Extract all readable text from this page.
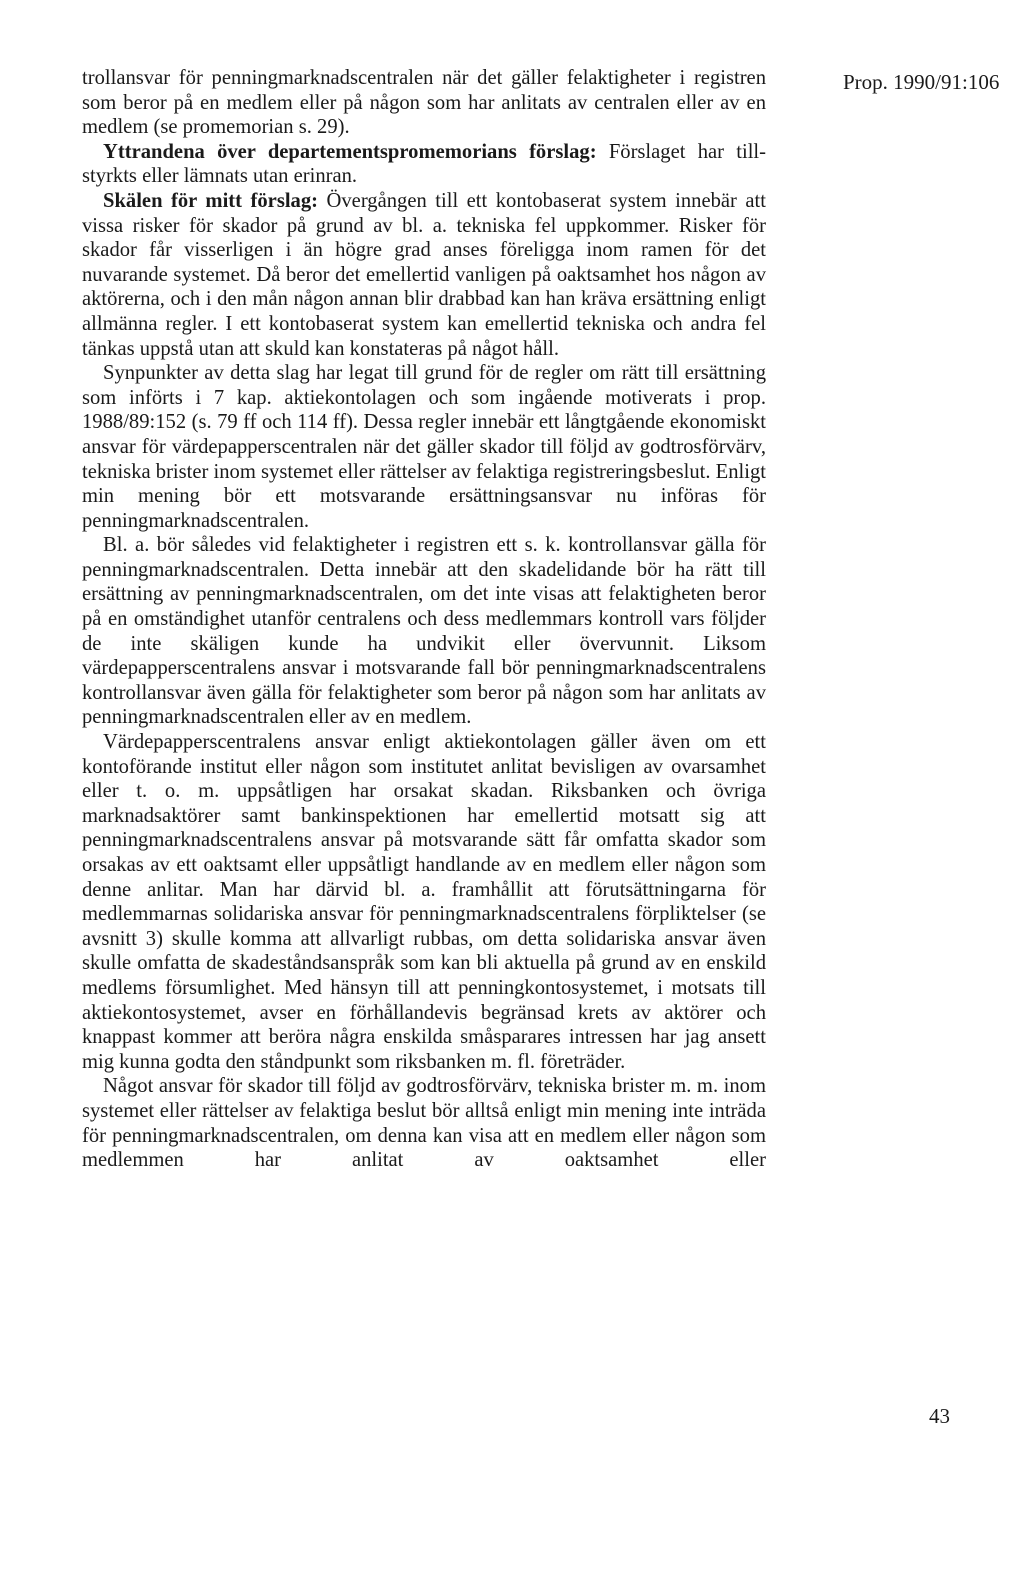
Prop. 1990/91:106

trollansvar för penningmarknadscentralen när det gäller felaktigheter i registren som beror på en medlem eller på någon som har anlitats av centralen eller av en medlem (se promemorian s. 29).

Yttrandena över departementspromemorians förslag: Förslaget har tillstyrkts eller lämnats utan erinran.

Skälen för mitt förslag: Övergången till ett kontobaserat system innebär att vissa risker för skador på grund av bl. a. tekniska fel uppkommer. Risker för skador får visserligen i än högre grad anses föreligga inom ramen för det nuvarande systemet. Då beror det emellertid vanligen på oaktsamhet hos någon av aktörerna, och i den mån någon annan blir drabbad kan han kräva ersättning enligt allmänna regler. I ett kontobaserat system kan emellertid tekniska och andra fel tänkas uppstå utan att skuld kan konstateras på något håll.

Synpunkter av detta slag har legat till grund för de regler om rätt till ersättning som införts i 7 kap. aktiekontolagen och som ingående motiverats i prop. 1988/89:152 (s. 79 ff och 114 ff). Dessa regler innebär ett långtgående ekonomiskt ansvar för värdepapperscentralen när det gäller skador till följd av godtrosförvärv, tekniska brister inom systemet eller rättelser av felaktiga registreringsbeslut. Enligt min mening bör ett motsvarande ersättningsansvar nu införas för penningmarknadscentralen.

Bl. a. bör således vid felaktigheter i registren ett s. k. kontrollansvar gälla för penningmarknadscentralen. Detta innebär att den skadelidande bör ha rätt till ersättning av penningmarknadscentralen, om det inte visas att felaktigheten beror på en omständighet utanför centralens och dess medlemmars kontroll vars följder de inte skäligen kunde ha undvikit eller övervunnit. Liksom värdepapperscentralens ansvar i motsvarande fall bör penningmarknadscentralens kontrollansvar även gälla för felaktigheter som beror på någon som har anlitats av penningmarknadscentralen eller av en medlem.

Värdepapperscentralens ansvar enligt aktiekontolagen gäller även om ett kontoförande institut eller någon som institutet anlitat bevisligen av ovarsamhet eller t. o. m. uppsåtligen har orsakat skadan. Riksbanken och övriga marknadsaktörer samt bankinspektionen har emellertid motsatt sig att penningmarknadscentralens ansvar på motsvarande sätt får omfatta skador som orsakas av ett oaktsamt eller uppsåtligt handlande av en medlem eller någon som denne anlitar. Man har därvid bl. a. framhållit att förutsättningarna för medlemmarnas solidariska ansvar för penningmarknadscentralens förpliktelser (se avsnitt 3) skulle komma att allvarligt rubbas, om detta solidariska ansvar även skulle omfatta de skadeståndsanspråk som kan bli aktuella på grund av en enskild medlems försumlighet. Med hänsyn till att penningkontosystemet, i motsats till aktiekontosystemet, avser en förhållandevis begränsad krets av aktörer och knappast kommer att beröra några enskilda småsparares intressen har jag ansett mig kunna godta den ståndpunkt som riksbanken m. fl. företräder.

Något ansvar för skador till följd av godtrosförvärv, tekniska brister m. m. inom systemet eller rättelser av felaktiga beslut bör alltså enligt min mening inte inträda för penningmarknadscentralen, om denna kan visa att en medlem eller någon som medlemmen har anlitat av oaktsamhet eller

43
